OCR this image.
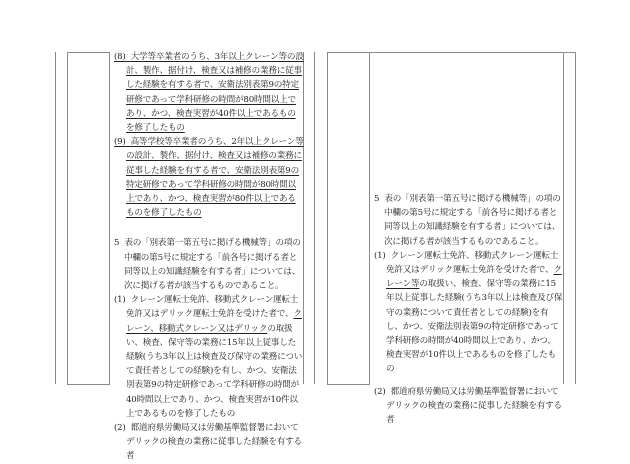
(8) 大学等卒業者のうち、3年以上クレーン等の設計、製作、据付け、検査又は補修の業務に従事した経験を有する者で、安衛法別表第9の特定研修であって学科研修の時間が80時間以上であり、かつ、検査実習が40件以上であるものを修了したもの

(9) 高等学校等卒業者のうち、2年以上クレーン等の設計、製作、据付け、検査又は補修の業務に従事した経験を有する者で、安衛法別表第9の特定研修であって学科研修の時間が80時間以上であり、かつ、検査実習が80件以上であるものを修了したもの

5 表の「別表第一第五号に掲げる機械等」の項の中欄の第5号に規定する「前各号に掲げる者と同等以上の知識経験を有する者」については、次に掲げる者が該当するものであること。

(1) クレーン運転士免許、移動式クレーン運転士免許又はデリック運転士免許を受けた者で、クレーン、移動式クレーン又はデリックの取扱い、検査、保守等の業務に15年以上従事した経験(うち3年以上は検査及び保守の業務について責任者としての経験)を有し、かつ、安衛法別表第9の特定研修であって学科研修の時間が40時間以上であり、かつ、検査実習が10件以上であるものを修了したもの

(2) 都道府県労働局又は労働基準監督署においてデリックの検査の業務に従事した経験を有する者

5 表の「別表第一第五号に掲げる機械等」の項の中欄の第5号に規定する「前各号に掲げる者と同等以上の知識経験を有する者」については、次に掲げる者が該当するものであること。

(1) クレーン運転士免許、移動式クレーン運転士免許又はデリック運転士免許を受けた者で、クレーン等の取扱い、検査、保守等の業務に15年以上従事した経験(うち3年以上は検査及び保守の業務について責任者としての経験)を有し、かつ、安衛法別表第9の特定研修であって学科研修の時間が40時間以上であり、かつ、検査実習が10件以上であるものを修了したもの

(2) 都道府県労働局又は労働基準監督署においてデリックの検査の業務に従事した経験を有する者
